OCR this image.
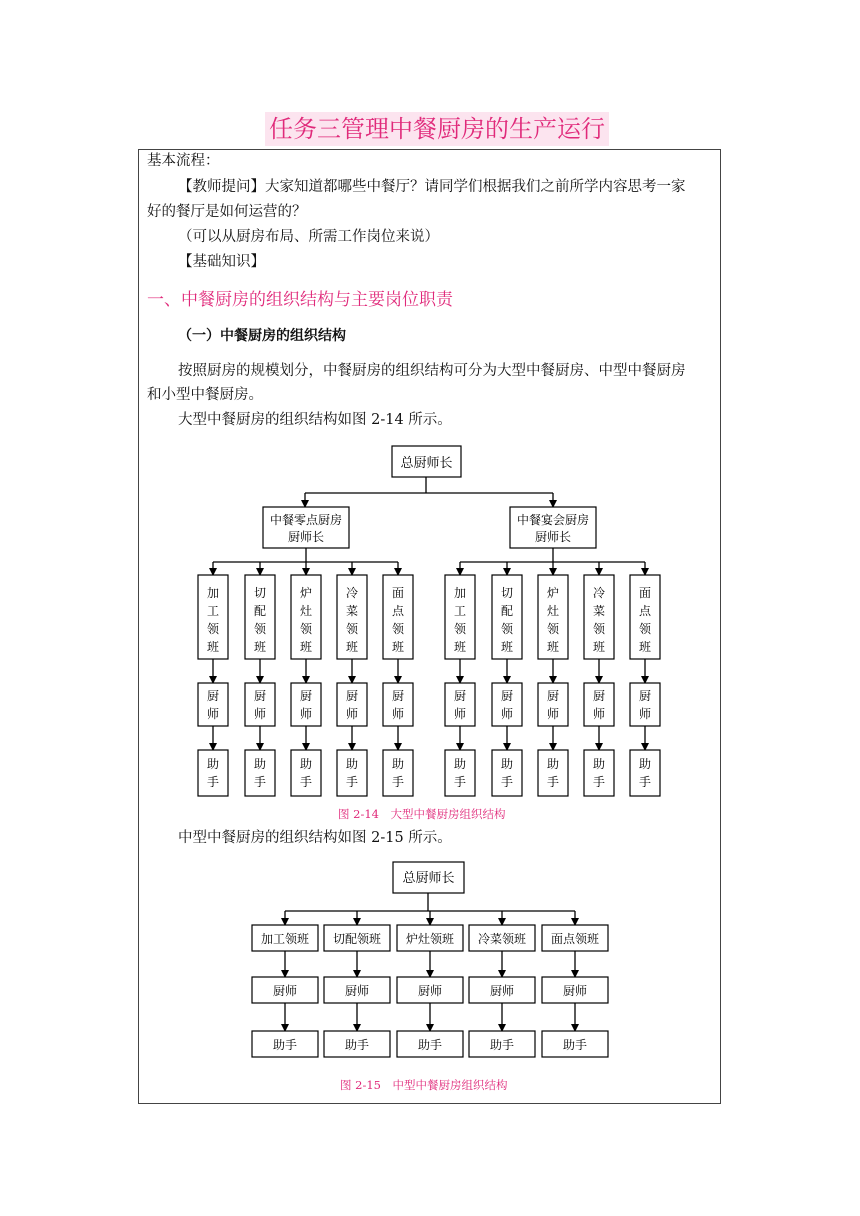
任务三管理中餐厨房的生产运行
基本流程：
【教师提问】大家知道都哪些中餐厅？请同学们根据我们之前所学内容思考一家
好的餐厅是如何运营的？
（可以从厨房布局、所需工作岗位来说）
【基础知识】
一、中餐厨房的组织结构与主要岗位职责
（一）中餐厨房的组织结构
按照厨房的规模划分，中餐厨房的组织结构可分为大型中餐厨房、中型中餐厨房
和小型中餐厨房。
大型中餐厨房的组织结构如图 2-14 所示。
总厨师长
中餐零点厨房
厨师长
加
工
领
班
厨
师
助
手
切
配
领
班
厨
师
助
手
炉
灶
领
班
厨
师
助
手
冷
菜
领
班
厨
师
助
手
面
点
领
班
厨
师
助
手
中餐宴会厨房
厨师长
加
工
领
班
厨
师
助
手
切
配
领
班
厨
师
助
手
炉
灶
领
班
厨
师
助
手
冷
菜
领
班
厨
师
助
手
面
点
领
班
厨
师
助
手
图 2-14　大型中餐厨房组织结构
中型中餐厨房的组织结构如图 2-15 所示。
总厨师长
加工领班
厨师
助手
切配领班
厨师
助手
炉灶领班
厨师
助手
冷菜领班
厨师
助手
面点领班
厨师
助手
图 2-15　中型中餐厨房组织结构
